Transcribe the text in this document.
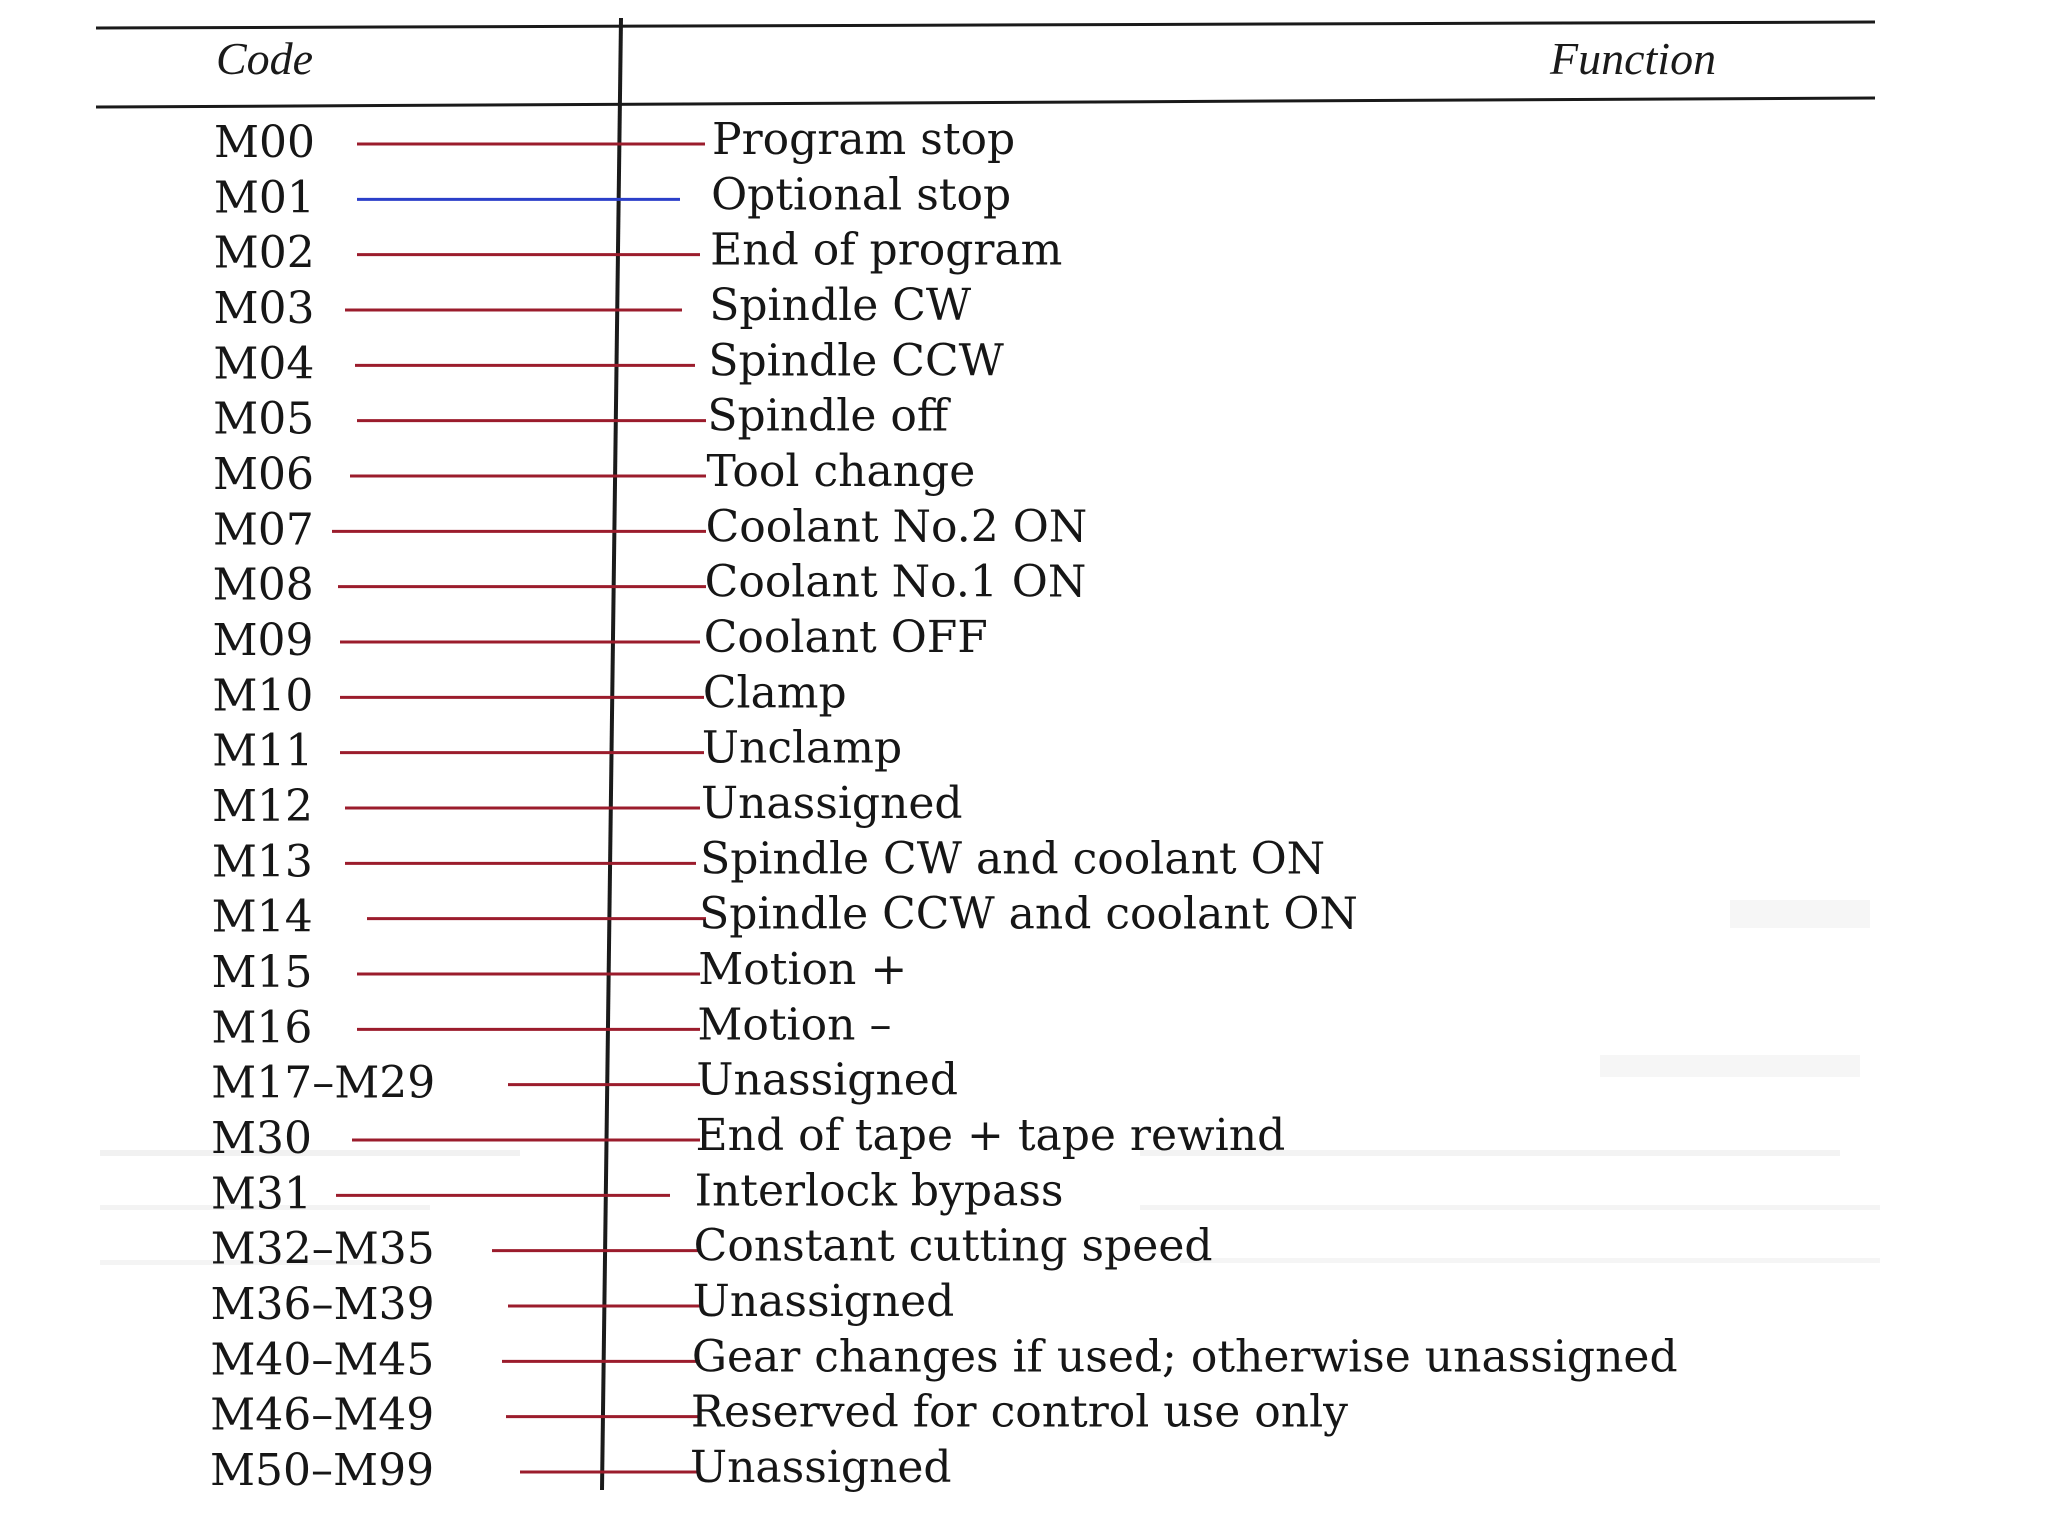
Code	Function
M00	Program stop
M01	Optional stop
M02	End of program
M03	Spindle CW
M04	Spindle CCW
M05	Spindle off
M06	Tool change
M07	Coolant No.2 ON
M08	Coolant No.1 ON
M09	Coolant OFF
M10	Clamp
M11	Unclamp
M12	Unassigned
M13	Spindle CW and coolant ON
M14	Spindle CCW and coolant ON
M15	Motion +
M16	Motion –
M17–M29	Unassigned
M30	End of tape + tape rewind
M31	Interlock bypass
M32–M35	Constant cutting speed
M36–M39	Unassigned
M40–M45	Gear changes if used; otherwise unassigned
M46–M49	Reserved for control use only
M50–M99	Unassigned
